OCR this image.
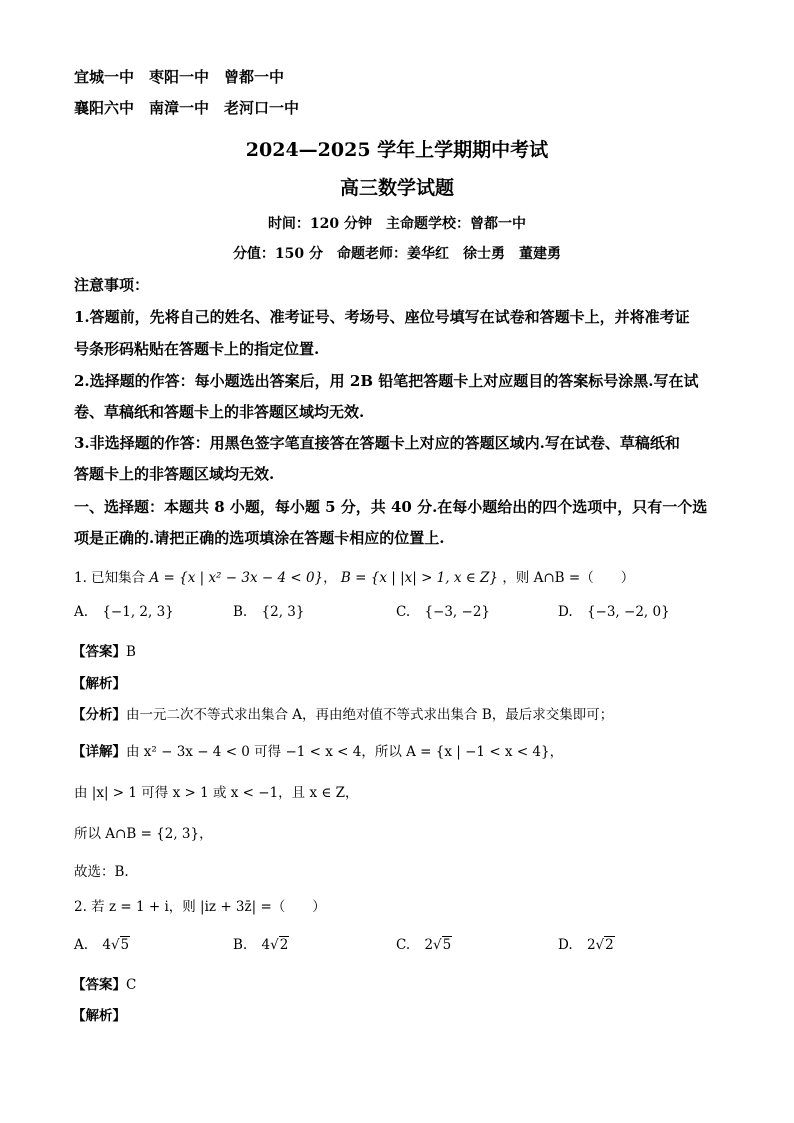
宜城一中　枣阳一中　曾都一中
襄阳六中　南漳一中　老河口一中
2024—2025 学年上学期期中考试
高三数学试题
时间：120 分钟　主命题学校：曾都一中
分值：150 分　命题老师：姜华红　徐士勇　董建勇
注意事项：
1.答题前，先将自己的姓名、准考证号、考场号、座位号填写在试卷和答题卡上，并将准考证
号条形码粘贴在答题卡上的指定位置.
2.选择题的作答：每小题选出答案后，用 2B 铅笔把答题卡上对应题目的答案标号涂黑.写在试
卷、草稿纸和答题卡上的非答题区域均无效.
3.非选择题的作答：用黑色签字笔直接答在答题卡上对应的答题区域内.写在试卷、草稿纸和
答题卡上的非答题区域均无效.
一、选择题：本题共 8 小题，每小题 5 分，共 40 分.在每小题给出的四个选项中，只有一个选
项是正确的.请把正确的选项填涂在答题卡相应的位置上.
1. 已知集合 A = {x | x² − 3x − 4 < 0}， B = {x | |x| > 1, x ∈ Z} ，则 A∩B =（　　）
A. {−1, 2, 3}	B. {2, 3}	C. {−3, −2}	D. {−3, −2, 0}
【答案】B
【解析】
【分析】由一元二次不等式求出集合 A，再由绝对值不等式求出集合 B，最后求交集即可；
【详解】由 x² − 3x − 4 < 0 可得 −1 < x < 4，所以 A = {x | −1 < x < 4}，
由 |x| > 1 可得 x > 1 或 x < −1，且 x ∈ Z，
所以 A∩B = {2, 3}，
故选：B.
2. 若 z = 1 + i，则 |iz + 3z̄| =（　　）
A. 4√5	B. 4√2	C. 2√5	D. 2√2
【答案】C
【解析】
